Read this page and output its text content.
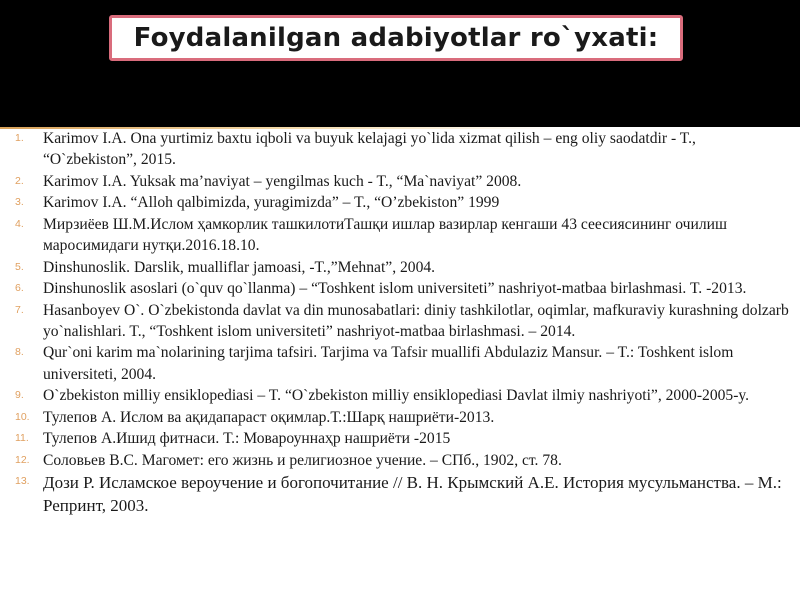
Foydalanilgan adabiyotlar ro`yxati:
1.	Karimov I.A. Ona yurtimiz baxtu iqboli va buyuk kelajagi yo`lida xizmat qilish – eng oliy saodatdir - T., “O`zbekiston”, 2015.
2.	Karimov I.A. Yuksak ma’naviyat – yengilmas kuch - T., “Ma`naviyat” 2008.
3.	Karimov I.A. “Alloh qalbimizda, yuragimizda” – T., “O’zbekiston” 1999
4.	Мирзиёев Ш.М.Ислом ҳамкорлик ташкилотиТашқи ишлар вазирлар кенгаши 43 сеесиясининг очилиш маросимидаги нутқи.2016.18.10.
5.	Dinshunoslik. Darslik, mualliflar jamoasi, -T.,”Mehnat”, 2004.
6.	Dinshunoslik asoslari (o`quv qo`llanma) – “Toshkent islom universiteti” nashriyot-matbaa birlashmasi. T. -2013.
7.	Hasanboyev O`. O`zbekistonda davlat va din munosabatlari: diniy tashkilotlar, oqimlar, mafkuraviy kurashning dolzarb yo`nalishlari. T., “Toshkent islom universiteti” nashriyot-matbaa birlashmasi. – 2014.
8.	Qur`oni karim ma`nolarining tarjima tafsiri. Tarjima va Tafsir muallifi Abdulaziz Mansur. – T.: Toshkent islom universiteti, 2004.
9.	O`zbekiston milliy ensiklopediasi – T. “O`zbekiston milliy ensiklopediasi Davlat ilmiy nashriyoti”, 2000-2005-y.
10. Тулепов А. Ислом ва ақидапараст оқимлар.Т.:Шарқ нашриёти-2013.
11. Тулепов А.Ишид фитнаси. Т.: Мовароуннаҳр нашриёти -2015
12. Соловьев В.С. Магомет: его жизнь и религиозное учение. – СПб., 1902, ст. 78.
13. Дози Р. Исламское вероучение и богопочитание // В. Н. Крымский А.Е. История мусульманства. – М.: Репринт, 2003.
